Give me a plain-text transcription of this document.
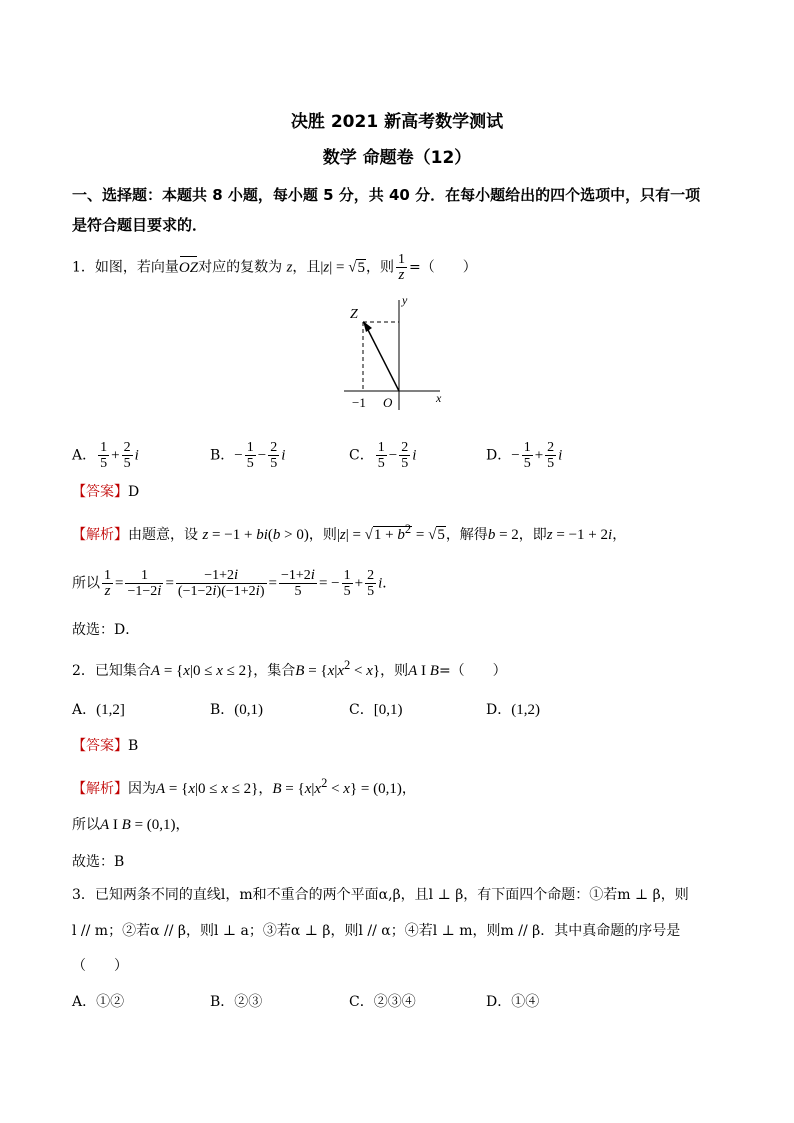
决胜 2021 新高考数学测试
数学 命题卷（12）
一、选择题：本题共 8 小题，每小题 5 分，共 40 分．在每小题给出的四个选项中，只有一项
是符合题目要求的．
1．如图，若向量OZ对应的复数为 z，且|z| = √5，则 $\frac{1}{z}$ =（　　）
Z
y
x
O
−1
A． $\frac{1}{5} + \frac{2}{5}$ i	B．− $\frac{1}{5} - \frac{2}{5}$ i	C． $\frac{1}{5} - \frac{2}{5}$ i	D．− $\frac{1}{5} + \frac{2}{5}$ i
【答案】D
【解析】由题意，设 z = −1 + bi(b > 0)，则$|z| = √1 + b^2 = √5$，解得b = 2，即z = −1 + 2i，
所以 $\frac{1}{z} = \frac{1}{-1-2i} = \frac{-1+2i}{(-1-2i)(-1+2i)} = \frac{-1+2i}{5}$ = − $\frac{1}{5} + \frac{2}{5}$ i．
故选：D．
2．已知集合A = {x|0 ≤ x ≤ 2}，集合$B = \{x|x^2 < x\}$，则A I B=（　　）
A．(1,2]	B．(0,1)	C．[0,1)	D．(1,2)
【答案】B
【解析】因为A = {x|0 ≤ x ≤ 2}，$B = \{x|x^2 < x\} = (0,1)$，
所以A I B = (0,1)，
故选：B
3．已知两条不同的直线l，m和不重合的两个平面α,β，且l ⊥ β，有下面四个命题：①若m ⊥ β，则
l // m；②若α // β，则l ⊥ a；③若α ⊥ β，则l // α；④若l ⊥ m，则m // β．其中真命题的序号是
（　　）
A．①②	B．②③	C．②③④	D．①④
